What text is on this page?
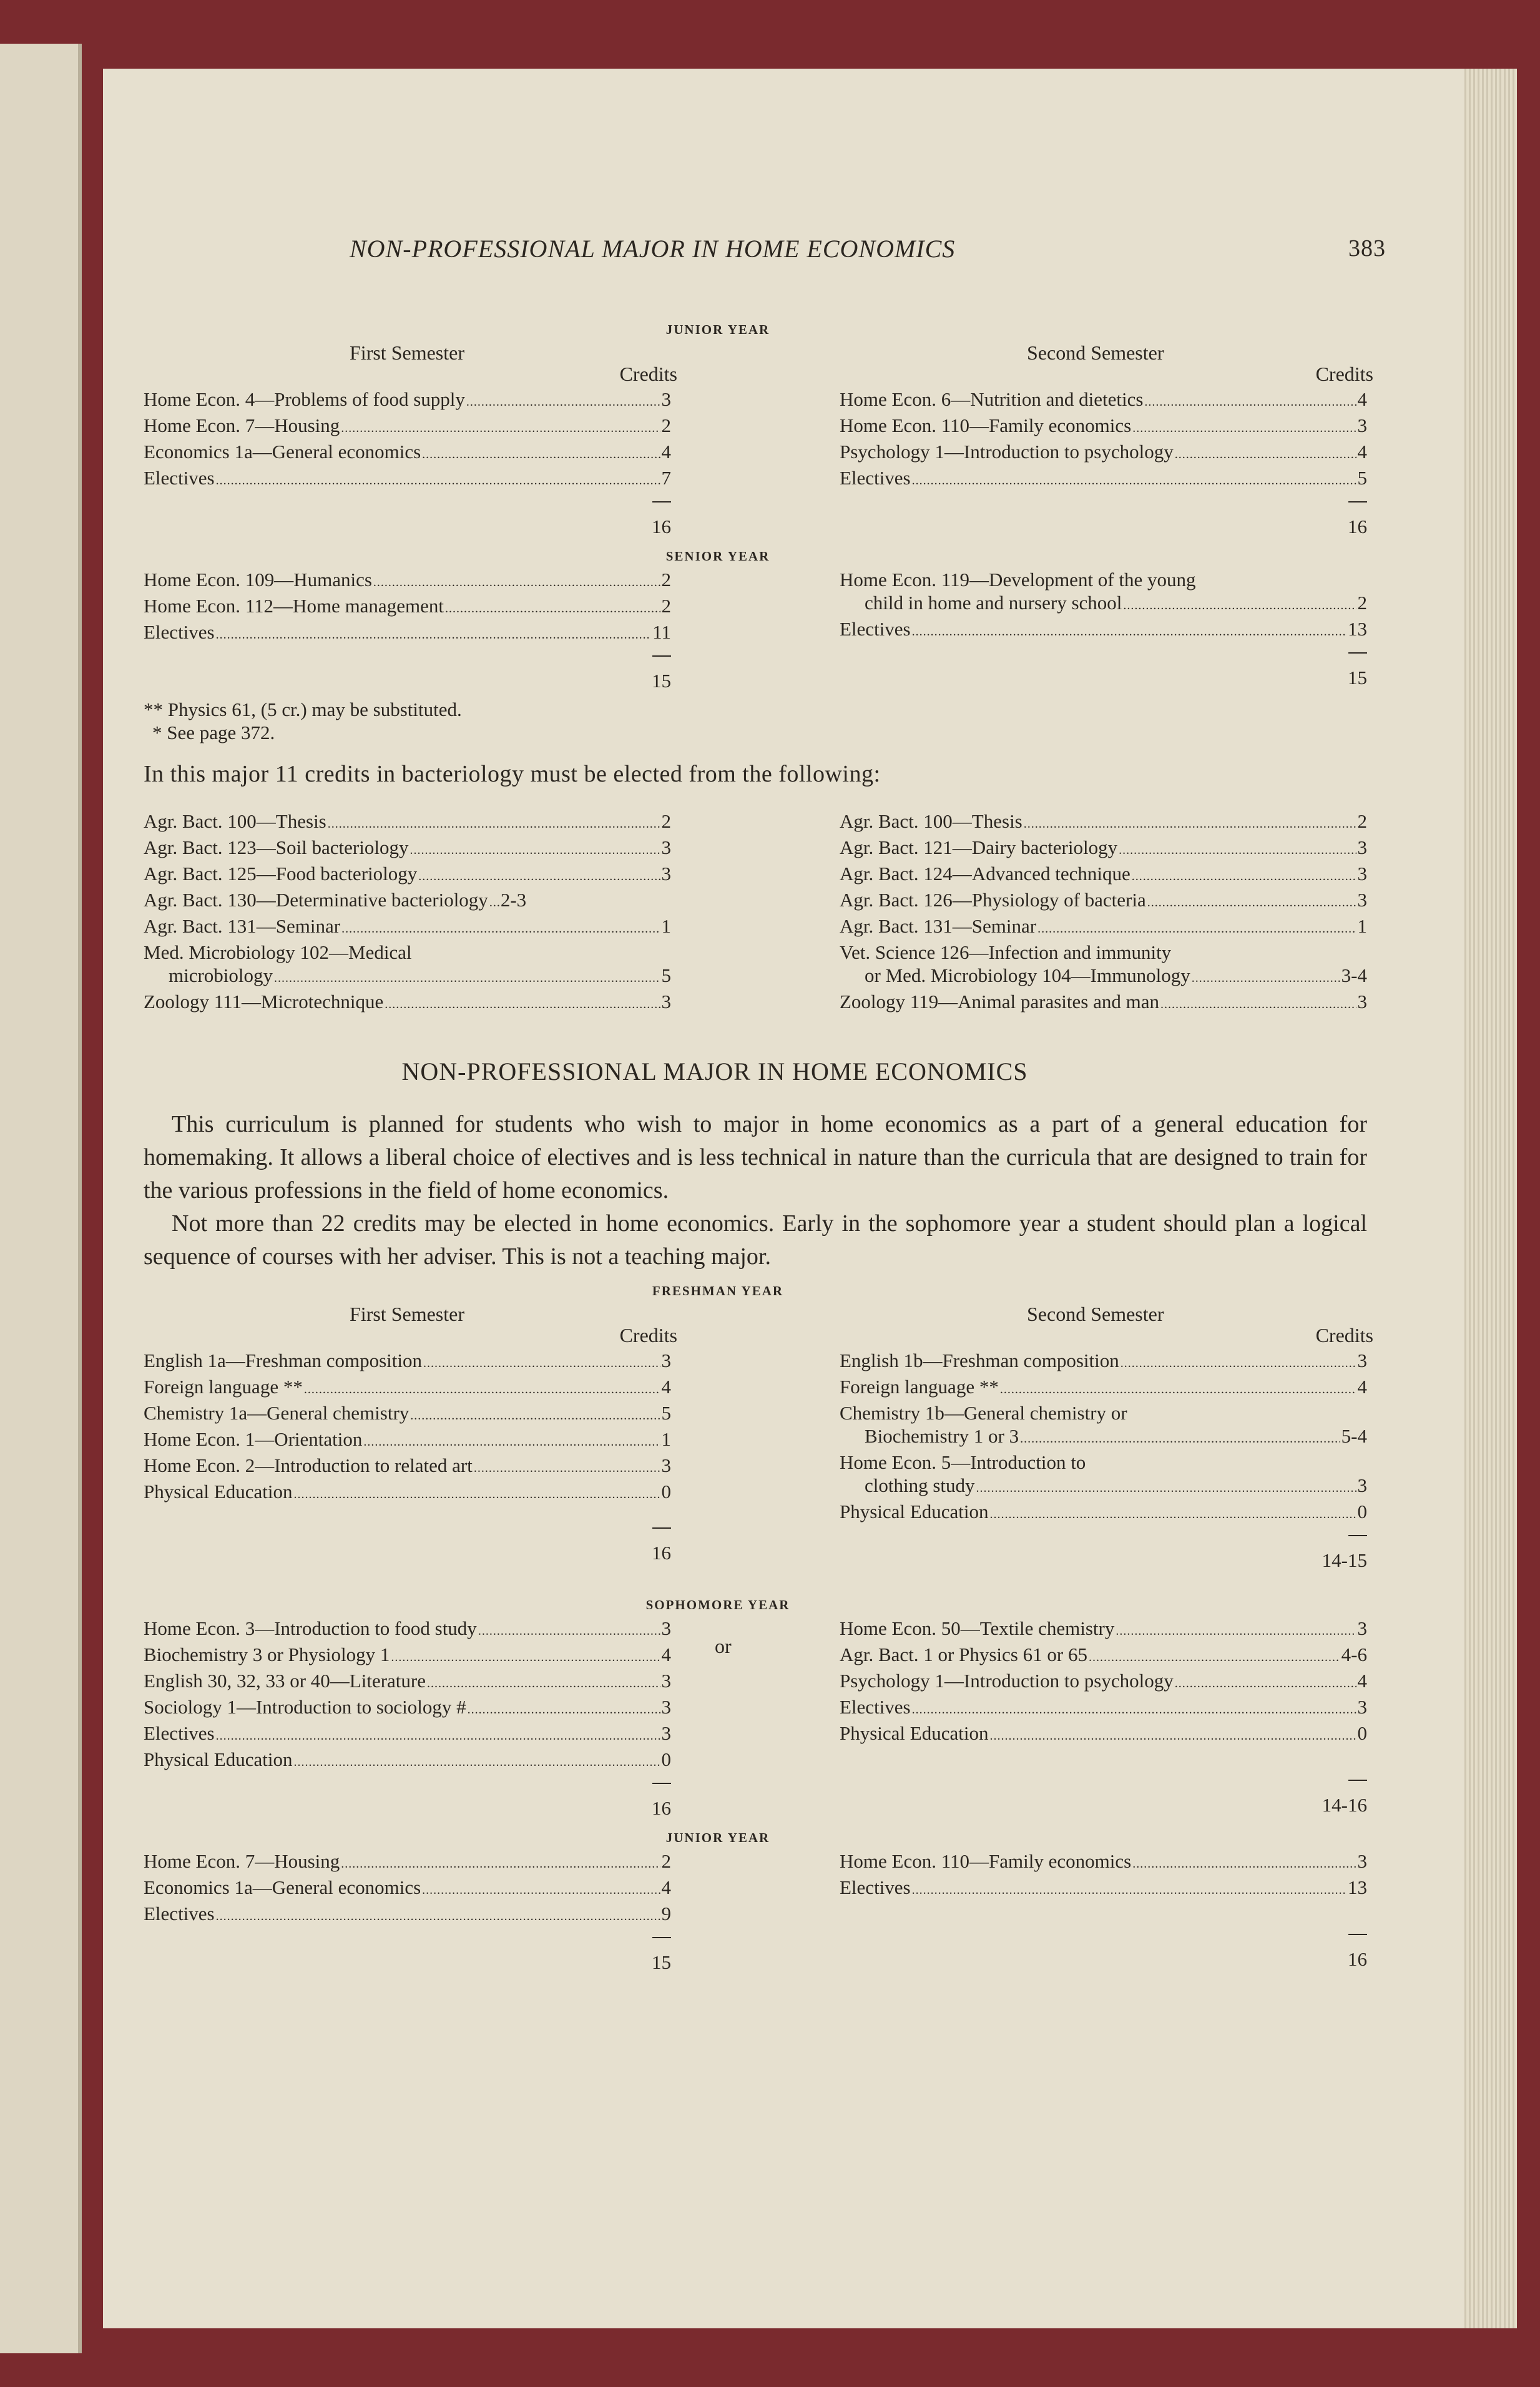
NON-PROFESSIONAL MAJOR IN HOME ECONOMICS	383
JUNIOR YEAR
First Semester
Credits
Home Econ. 4—Problems of food supply .....	3
Home Econ. 7—Housing .....	2
Economics 1a—General economics .....	4
Electives .....	7
16
Second Semester
Credits
Home Econ. 6—Nutrition and dietetics .....	4
Home Econ. 110—Family economics .....	3
Psychology 1—Introduction to psychology .....	4
Electives .....	5
16
SENIOR YEAR
Home Econ. 109—Humanics .....	2
Home Econ. 112—Home management .....	2
Electives .....	11
15
Home Econ. 119—Development of the young
child in home and nursery school .....	2
Electives .....	13
15
** Physics 61, (5 cr.) may be substituted.
* See page 372.
In this major 11 credits in bacteriology must be elected from the following:
Agr. Bact. 100—Thesis .....	2
Agr. Bact. 123—Soil bacteriology .....	3
Agr. Bact. 125—Food bacteriology .....	3
Agr. Bact. 130—Determinative bacteriology ..... 2-3
Agr. Bact. 131—Seminar .....	1
Med. Microbiology 102—Medical
microbiology .....	5
Zoology 111—Microtechnique .....	3
Agr. Bact. 100—Thesis .....	2
Agr. Bact. 121—Dairy bacteriology .....	3
Agr. Bact. 124—Advanced technique .....	3
Agr. Bact. 126—Physiology of bacteria .....	3
Agr. Bact. 131—Seminar .....	1
Vet. Science 126—Infection and immunity
or Med. Microbiology 104—Immunology .....	3-4
Zoology 119—Animal parasites and man .....	3
NON-PROFESSIONAL MAJOR IN HOME ECONOMICS
This curriculum is planned for students who wish to major in home economics as a part of a general education for homemaking. It allows a liberal choice of electives and is less technical in nature than the curricula that are designed to train for the various professions in the field of home economics.
Not more than 22 credits may be elected in home economics. Early in the sophomore year a student should plan a logical sequence of courses with her adviser. This is not a teaching major.
FRESHMAN YEAR
First Semester
Credits
English 1a—Freshman composition .....	3
Foreign language ** .....	4
Chemistry 1a—General chemistry .....	5
Home Econ. 1—Orientation .....	1
Home Econ. 2—Introduction to related art .....	3
Physical Education .....	0
16
Second Semester
Credits
English 1b—Freshman composition .....	3
Foreign language ** .....	4
Chemistry 1b—General chemistry or
Biochemistry 1 or 3 .....	5-4
Home Econ. 5—Introduction to
clothing study .....	3
Physical Education .....	0
14-15
SOPHOMORE YEAR
or
Home Econ. 3—Introduction to food study .....	3
Biochemistry 3 or Physiology 1 .....	4
English 30, 32, 33 or 40—Literature .....	3
Sociology 1—Introduction to sociology # .....	3
Electives .....	3
Physical Education .....	0
16
Home Econ. 50—Textile chemistry .....	3
Agr. Bact. 1 or Physics 61 or 65 .....	4-6
Psychology 1—Introduction to psychology .....	4
Electives .....	3
Physical Education .....	0
14-16
JUNIOR YEAR
Home Econ. 7—Housing .....	2
Economics 1a—General economics .....	4
Electives .....	9
15
Home Econ. 110—Family economics .....	3
Electives .....	13
16
